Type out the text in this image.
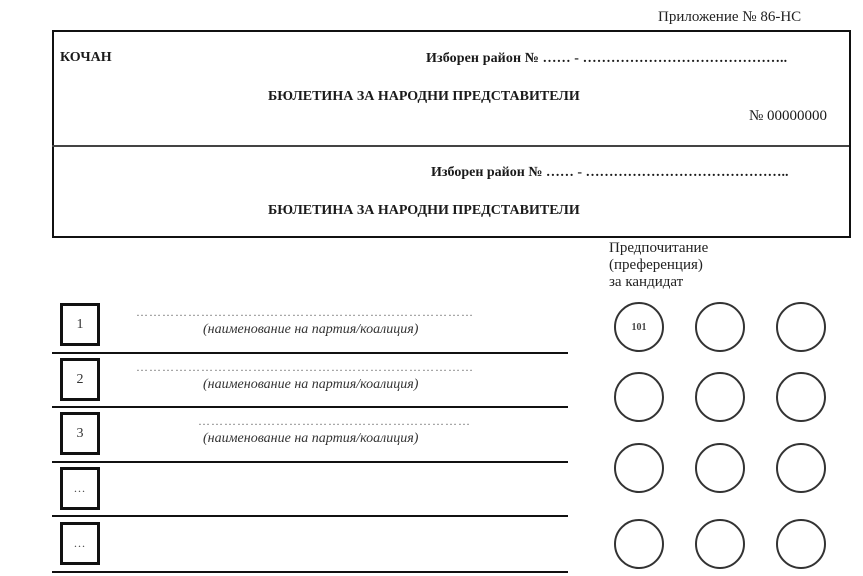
Приложение № 86-НС
КОЧАН	Изборен район № …… - ……………………………………..
БЮЛЕТИНА ЗА НАРОДНИ ПРЕДСТАВИТЕЛИ
№ 00000000
Изборен район № …… - ……………………………………..
БЮЛЕТИНА ЗА НАРОДНИ ПРЕДСТАВИТЕЛИ
Предпочитание
(преференция)
за кандидат
1
……………………………………………………………………
(наименование на партия/коалиция)
2
……………………………………………………………………
(наименование на партия/коалиция)
3
………………………………………………………
(наименование на партия/коалиция)
…
…
101
